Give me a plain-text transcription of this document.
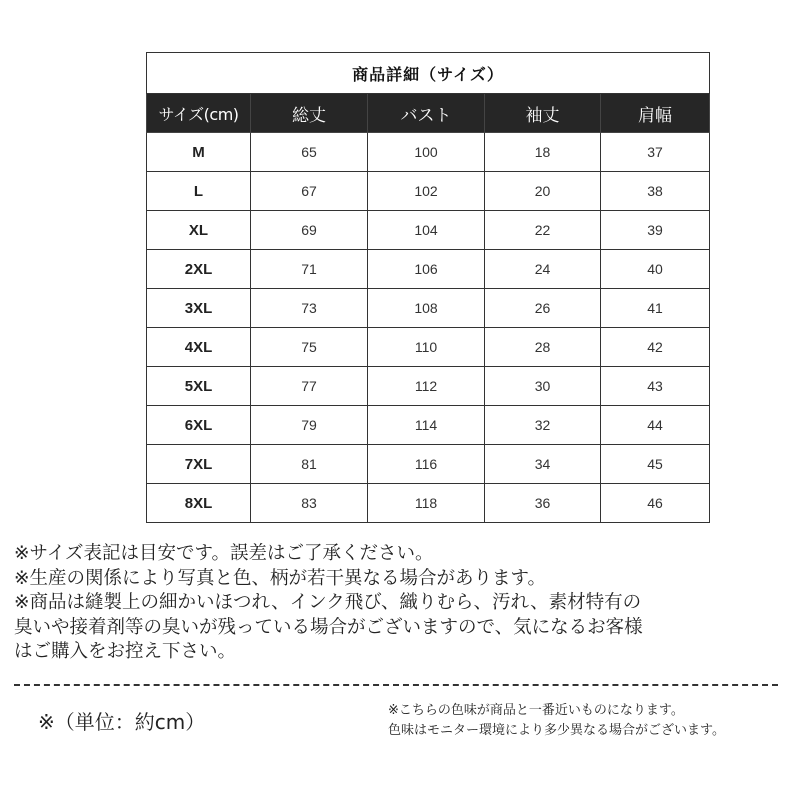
商品詳細（サイズ）				
サイズ(cm)	総丈	バスト	袖丈	肩幅
M	65	100	18	37
L	67	102	20	38
XL	69	104	22	39
2XL	71	106	24	40
3XL	73	108	26	41
4XL	75	110	28	42
5XL	77	112	30	43
6XL	79	114	32	44
7XL	81	116	34	45
8XL	83	118	36	46
※サイズ表記は目安です。誤差はご了承ください。
※生産の関係により写真と色、柄が若干異なる場合があります。
※商品は縫製上の細かいほつれ、インク飛び、織りむら、汚れ、素材特有の
臭いや接着剤等の臭いが残っている場合がございますので、気になるお客様
はご購入をお控え下さい。
※（単位：約cm）	※こちらの色味が商品と一番近いものになります。
色味はモニター環境により多少異なる場合がございます。
